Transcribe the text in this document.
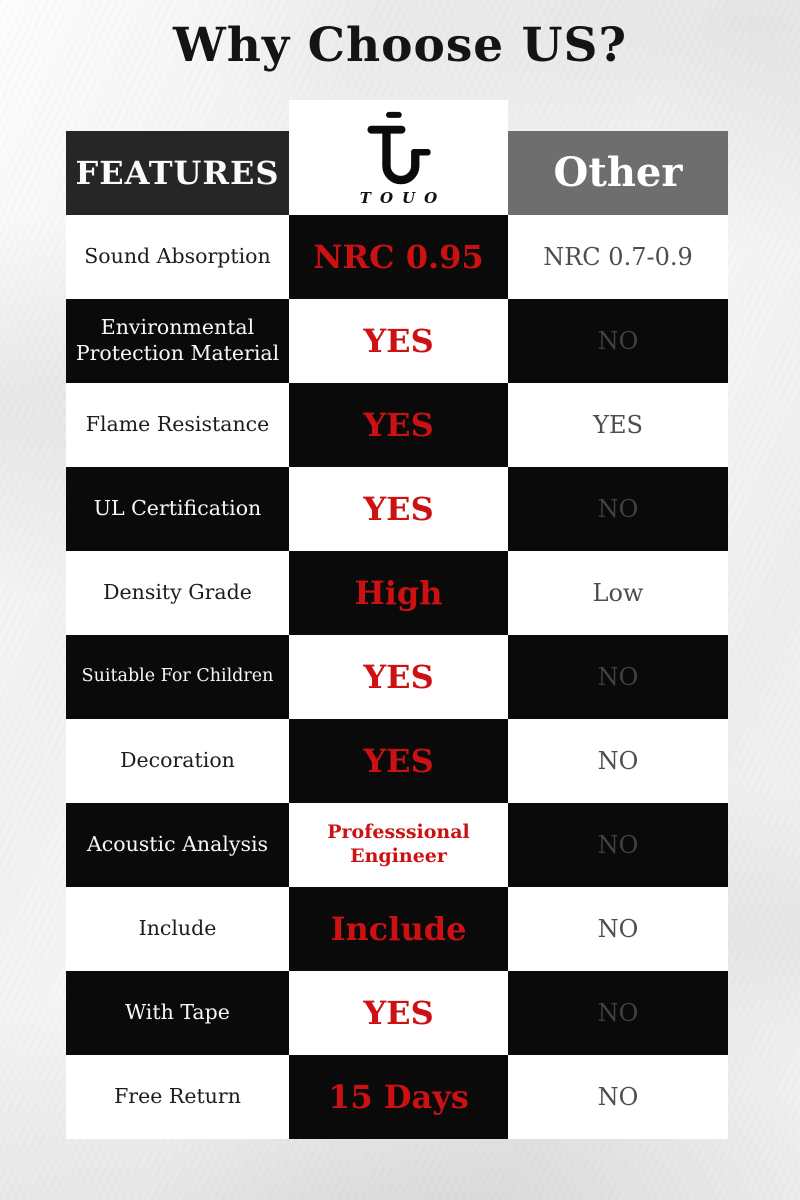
Why Choose US?
FEATURES
TOUO
Other
Sound Absorption	NRC 0.95	NRC 0.7-0.9
Environmental Protection Material	YES	NO
Flame Resistance	YES	YES
UL Certification	YES	NO
Density Grade	High	Low
Suitable For Children	YES	NO
Decoration	YES	NO
Acoustic Analysis	Professsional Engineer	NO
Include	Include	NO
With Tape	YES	NO
Free Return	15 Days	NO
